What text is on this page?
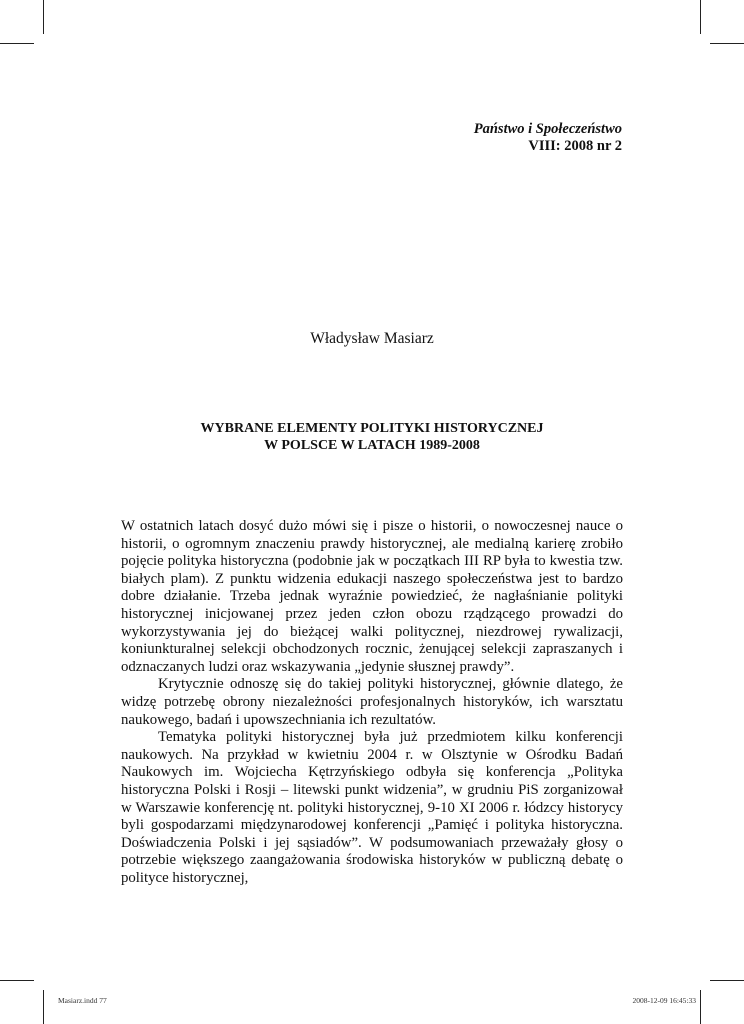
Państwo i Społeczeństwo
VIII: 2008 nr 2
Władysław Masiarz
WYBRANE ELEMENTY POLITYKI HISTORYCZNEJ
W POLSCE W LATACH 1989-2008

W ostatnich latach dosyć dużo mówi się i pisze o historii, o nowoczesnej nauce o historii, o ogromnym znaczeniu prawdy historycznej, ale medialną karierę zrobiło pojęcie polityka historyczna (podobnie jak w początkach III RP była to kwestia tzw. białych plam). Z punktu widzenia edukacji naszego społeczeństwa jest to bardzo dobre działanie. Trzeba jednak wyraźnie powiedzieć, że nagłaśnianie polityki historycznej inicjowanej przez jeden człon obozu rządzącego prowadzi do wykorzystywania jej do bieżącej walki politycznej, niezdrowej rywalizacji, koniunkturalnej selekcji obchodzonych rocznic, żenującej selekcji zapraszanych i odznaczanych ludzi oraz wskazywania „jedynie słusznej prawdy”.

Krytycznie odnoszę się do takiej polityki historycznej, głównie dlatego, że widzę potrzebę obrony niezależności profesjonalnych historyków, ich warsztatu naukowego, badań i upowszechniania ich rezultatów.

Tematyka polityki historycznej była już przedmiotem kilku konferencji naukowych. Na przykład w kwietniu 2004 r. w Olsztynie w Ośrodku Badań Naukowych im. Wojciecha Kętrzyńskiego odbyła się konferencja „Polityka historyczna Polski i Rosji – litewski punkt widzenia”, w grudniu PiS zorganizował w Warszawie konferencję nt. polityki historycznej, 9-10 XI 2006 r. łódzcy historycy byli gospodarzami międzynarodowej konferencji „Pamięć i polityka historyczna. Doświadczenia Polski i jej sąsiadów”. W podsumowaniach przeważały głosy o potrzebie większego zaangażowania środowiska historyków w publiczną debatę o polityce historycznej,

Masiarz.indd 77	2008-12-09 16:45:33
